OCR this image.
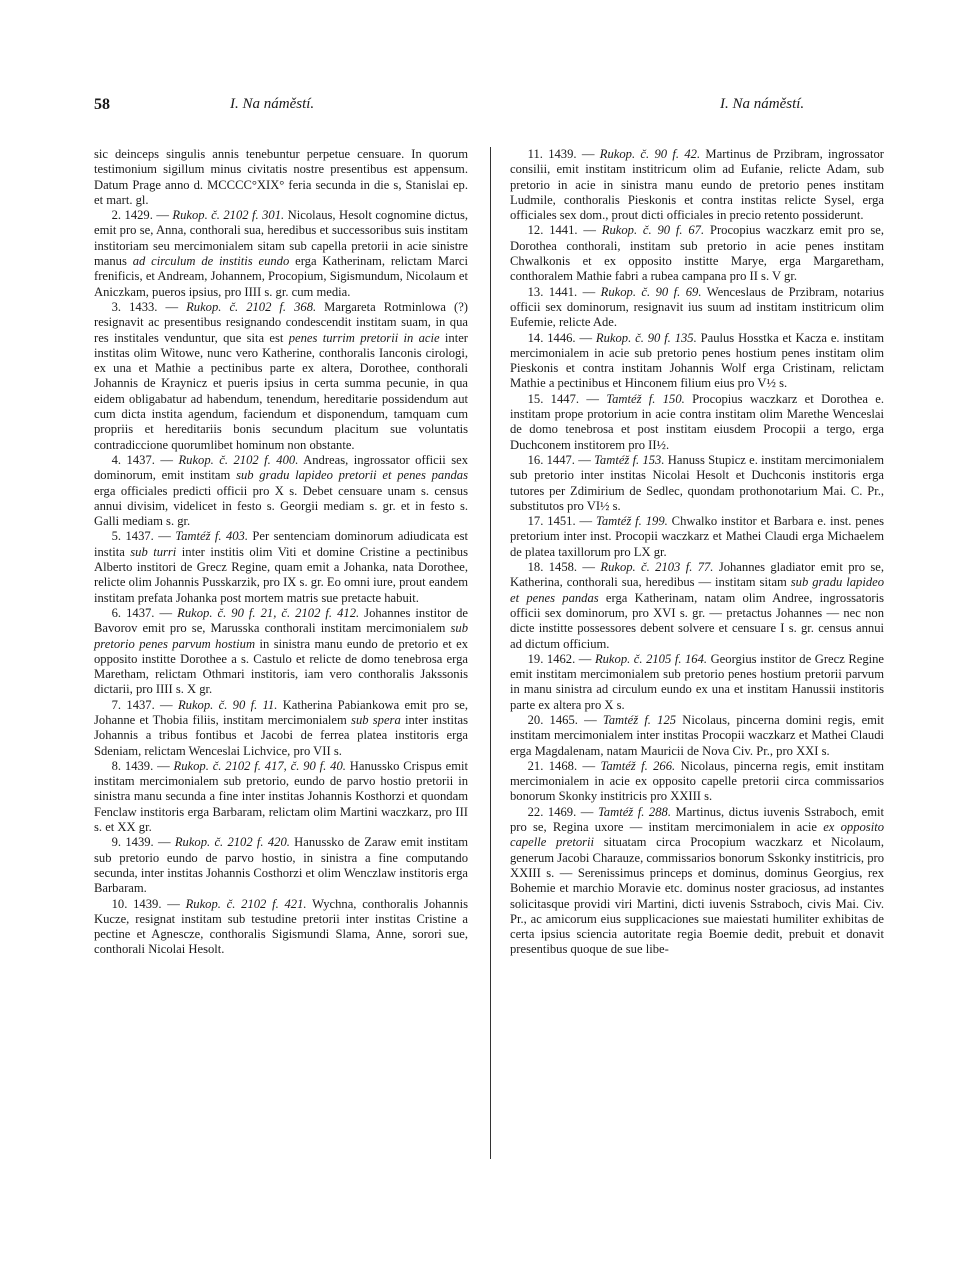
58	I. Na náměstí.	I. Na náměstí.

sic deinceps singulis annis tenebuntur perpetue censuare. In quorum testimonium sigillum minus civitatis nostre presentibus est appensum. Datum Prage anno d. MCCCC°XIX° feria secunda in die s, Stanislai ep. et mart. gl.

2. 1429. — Rukop. č. 2102 f. 301. Nicolaus, Hesolt cognomine dictus, emit pro se, Anna, conthorali sua, heredibus et successoribus suis institam institoriam seu mercimonialem sitam sub capella pretorii in acie sinistre manus ad circulum de institis eundo erga Katherinam, relictam Marci frenificis, et Andream, Johannem, Procopium, Sigismundum, Nicolaum et Aniczkam, pueros ipsius, pro IIII s. gr. cum media.

3. 1433. — Rukop. č. 2102 f. 368. Margareta Rotminlowa (?) resignavit ac presentibus resignando condescendit institam suam, in qua res institales venduntur, que sita est penes turrim pretorii in acie inter institas olim Witowe, nunc vero Katherine, conthoralis Ianconis cirologi, ex una et Mathie a pectinibus parte ex altera, Dorothee, conthorali Johannis de Kraynicz et pueris ipsius in certa summa pecunie, in qua eidem obligabatur ad habendum, tenendum, hereditarie possidendum aut cum dicta instita agendum, faciendum et disponendum, tamquam cum propriis et hereditariis bonis secundum placitum sue voluntatis contradiccione quorumlibet hominum non obstante.

4. 1437. — Rukop. č. 2102 f. 400. Andreas, ingrossator officii sex dominorum, emit institam sub gradu lapideo pretorii et penes pandas erga officiales predicti officii pro X s. Debet censuare unam s. census annui divisim, videlicet in festo s. Georgii mediam s. gr. et in festo s. Galli mediam s. gr.

5. 1437. — Tamtéž f. 403. Per sentenciam dominorum adiudicata est instita sub turri inter institis olim Viti et domine Cristine a pectinibus Alberto institori de Grecz Regine, quam emit a Johanka, nata Dorothee, relicte olim Johannis Pusskarzik, pro IX s. gr. Eo omni iure, prout eandem institam prefata Johanka post mortem matris sue pretacte habuit.

6. 1437. — Rukop. č. 90 f. 21, č. 2102 f. 412. Johannes institor de Bavorov emit pro se, Marusska conthorali institam mercimonialem sub pretorio penes parvum hostium in sinistra manu eundo de pretorio et ex opposito institte Dorothee a s. Castulo et relicte de domo tenebrosa erga Maretham, relictam Othmari institoris, iam vero conthoralis Jakssonis dictarii, pro IIII s. X gr.

7. 1437. — Rukop. č. 90 f. 11. Katherina Pabiankowa emit pro se, Johanne et Thobia filiis, institam mercimonialem sub spera inter institas Johannis a tribus fontibus et Jacobi de ferrea platea institoris erga Sdeniam, relictam Wenceslai Lichvice, pro VII s.

8. 1439. — Rukop. č. 2102 f. 417, č. 90 f. 40. Hanussko Crispus emit institam mercimonialem sub pretorio, eundo de parvo hostio pretorii in sinistra manu secunda a fine inter institas Johannis Kosthorzi et quondam Fenclaw institoris erga Barbaram, relictam olim Martini waczkarz, pro III s. et XX gr.

9. 1439. — Rukop. č. 2102 f. 420. Hanussko de Zaraw emit institam sub pretorio eundo de parvo hostio, in sinistra a fine computando secunda, inter institas Johannis Costhorzi et olim Wenczlaw institoris erga Barbaram.

10. 1439. — Rukop. č. 2102 f. 421. Wychna, conthoralis Johannis Kucze, resignat institam sub testudine pretorii inter institas Cristine a pectine et Agnescze, conthoralis Sigismundi Slama, Anne, sorori sue, conthorali Nicolai Hesolt.

11. 1439. — Rukop. č. 90 f. 42. Martinus de Przibram, ingrossator consilii, emit institam institricum olim ad Eufanie, relicte Adam, sub pretorio in acie in sinistra manu eundo de pretorio penes institam Ludmile, conthoralis Pieskonis et contra institas relicte Sysel, erga officiales sex dom., prout dicti officiales in precio retento possiderunt.

12. 1441. — Rukop. č. 90 f. 67. Procopius waczkarz emit pro se, Dorothea conthorali, institam sub pretorio in acie penes institam Chwalkonis et ex opposito institte Marye, erga Margaretham, conthoralem Mathie fabri a rubea campana pro II s. V gr.

13. 1441. — Rukop. č. 90 f. 69. Wenceslaus de Przibram, notarius officii sex dominorum, resignavit ius suum ad institam institricum olim Eufemie, relicte Ade.

14. 1446. — Rukop. č. 90 f. 135. Paulus Hosstka et Kacza e. institam mercimonialem in acie sub pretorio penes hostium penes institam olim Pieskonis et contra institam Johannis Wolf erga Cristinam, relictam Mathie a pectinibus et Hinconem filium eius pro V½ s.

15. 1447. — Tamtéž f. 150. Procopius waczkarz et Dorothea e. institam prope protorium in acie contra institam olim Marethe Wenceslai de domo tenebrosa et post institam eiusdem Procopii a tergo, erga Duchconem institorem pro II½.

16. 1447. — Tamtéž f. 153. Hanuss Stupicz e. institam mercimonialem sub pretorio inter institas Nicolai Hesolt et Duchconis institoris erga tutores per Zdimirium de Sedlec, quondam prothonotarium Mai. C. Pr., substitutos pro VI½ s.

17. 1451. — Tamtéž f. 199. Chwalko institor et Barbara e. inst. penes pretorium inter inst. Procopii waczkarz et Mathei Claudi erga Michaelem de platea taxillorum pro LX gr.

18. 1458. — Rukop. č. 2103 f. 77. Johannes gladiator emit pro se, Katherina, conthorali sua, heredibus — institam sitam sub gradu lapideo et penes pandas erga Katherinam, natam olim Andree, ingrossatoris officii sex dominorum, pro XVI s. gr. — pretactus Johannes — nec non dicte institte possessores debent solvere et censuare I s. gr. census annui ad dictum officium.

19. 1462. — Rukop. č. 2105 f. 164. Georgius institor de Grecz Regine emit institam mercimonialem sub pretorio penes hostium pretorii parvum in manu sinistra ad circulum eundo ex una et institam Hanussii institoris parte ex altera pro X s.

20. 1465. — Tamtéž f. 125 Nicolaus, pincerna domini regis, emit institam mercimonialem inter institas Procopii waczkarz et Mathei Claudi erga Magdalenam, natam Mauricii de Nova Civ. Pr., pro XXI s.

21. 1468. — Tamtéž f. 266. Nicolaus, pincerna regis, emit institam mercimonialem in acie ex opposito capelle pretorii circa commissarios bonorum Skonky institricis pro XXIII s.

22. 1469. — Tamtéž f. 288. Martinus, dictus iuvenis Sstraboch, emit pro se, Regina uxore — institam mercimonialem in acie ex opposito capelle pretorii situatam circa Procopium waczkarz et Nicolaum, generum Jacobi Charauze, commissarios bonorum Sskonky institricis, pro XXIII s. — Serenissimus princeps et dominus, dominus Georgius, rex Bohemie et marchio Moravie etc. dominus noster graciosus, ad instantes solicitasque providi viri Martini, dicti iuvenis Sstraboch, civis Mai. Civ. Pr., ac amicorum eius supplicaciones sue maiestati humiliter exhibitas de certa ipsius sciencia autoritate regia Boemie dedit, prebuit et donavit presentibus quoque de sue libe-
